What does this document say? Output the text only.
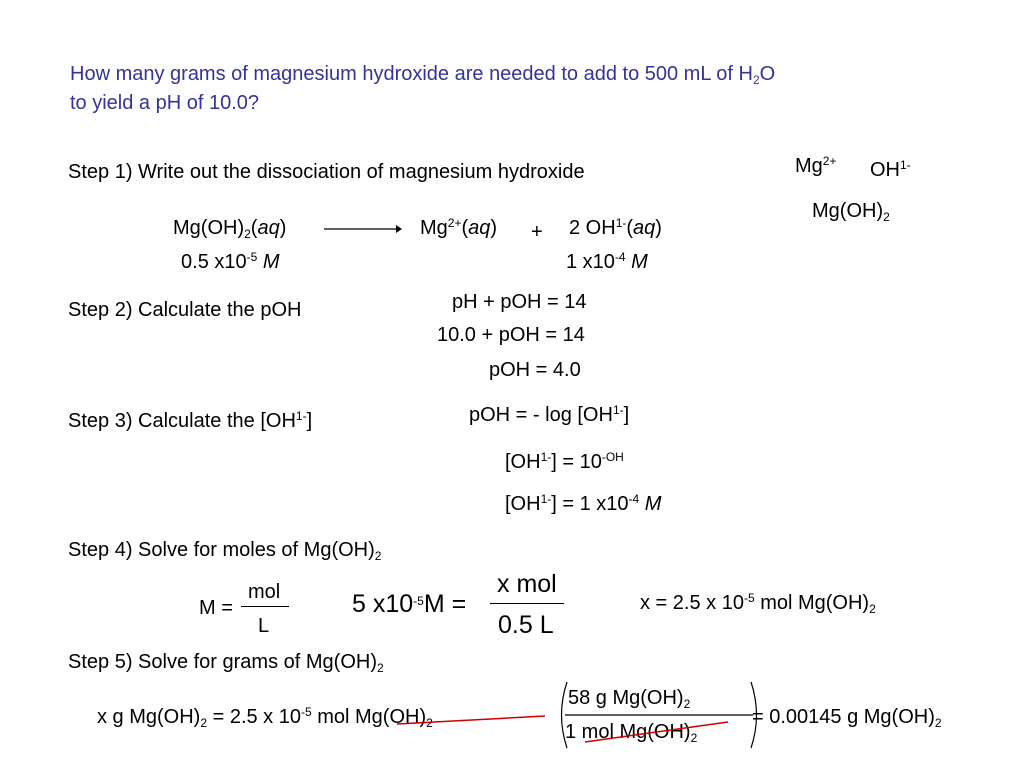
How many grams of magnesium hydroxide are needed to add to 500 mL of $H_2O$
to yield a pH of 10.0?
$Mg^{2+}$ $OH^{1-}$
$Mg(OH)_2$
Step 1) Write out the dissociation of magnesium hydroxide
$Mg(OH)_2(aq)$	$Mg^{2+}(aq) + 2$ $OH^{1-}(aq)$
0.5 $x10^{-5}$ M	1 $x10^{-4}$ M
Step 2) Calculate the pOH	pH + pOH = 14
10.0 + pOH = 14
pOH = 4.0
Step 3) Calculate the $[OH^{1-}]$	pOH = - $\log [OH^{1-}]$
$[OH^{1-}] = 10^{-OH}$
$[OH^{1-}] = 1$ $x10^{-4}$ M
Step 4) Solve for moles of $Mg(OH)_2$
M =
mol
L
5 $x10^{-5}M$ =
x mol
0.5 L
x = 2.5 x $10^{-5}$ mol $Mg(OH)_2$
Step 5) Solve for grams of $Mg(OH)_2$
x g $Mg(OH)_2 = 2.5$ x $10^{-5}$ mol $Mg(OH)_2$
58 g $Mg(OH)_2$
1 mol $Mg(OH)_2$
= 0.00145 g $Mg(OH)_2$
